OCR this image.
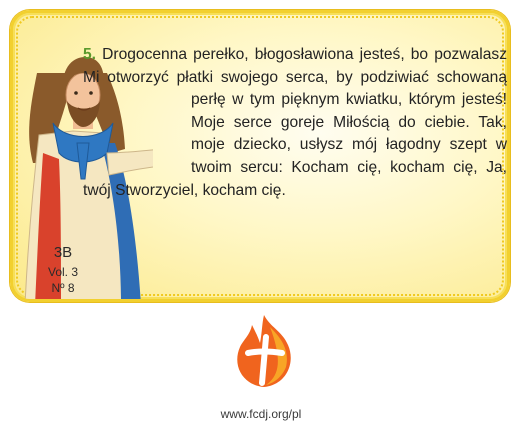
5. Drogocenna perełko, błogosławiona jesteś, bo pozwalasz Mi otworzyć płatki swojego serca, by podziwiać schowaną perłę w tym pięknym kwiatku, którym jesteś! Moje serce goreje Miłością do ciebie. Tak, moje dziecko, usłysz mój łagodny szept w twoim sercu: Kocham cię, kocham cię, Ja, twój Stworzyciel, kocham cię.
3B
Vol. 3
Nº 8
www.fcdj.org/pl
